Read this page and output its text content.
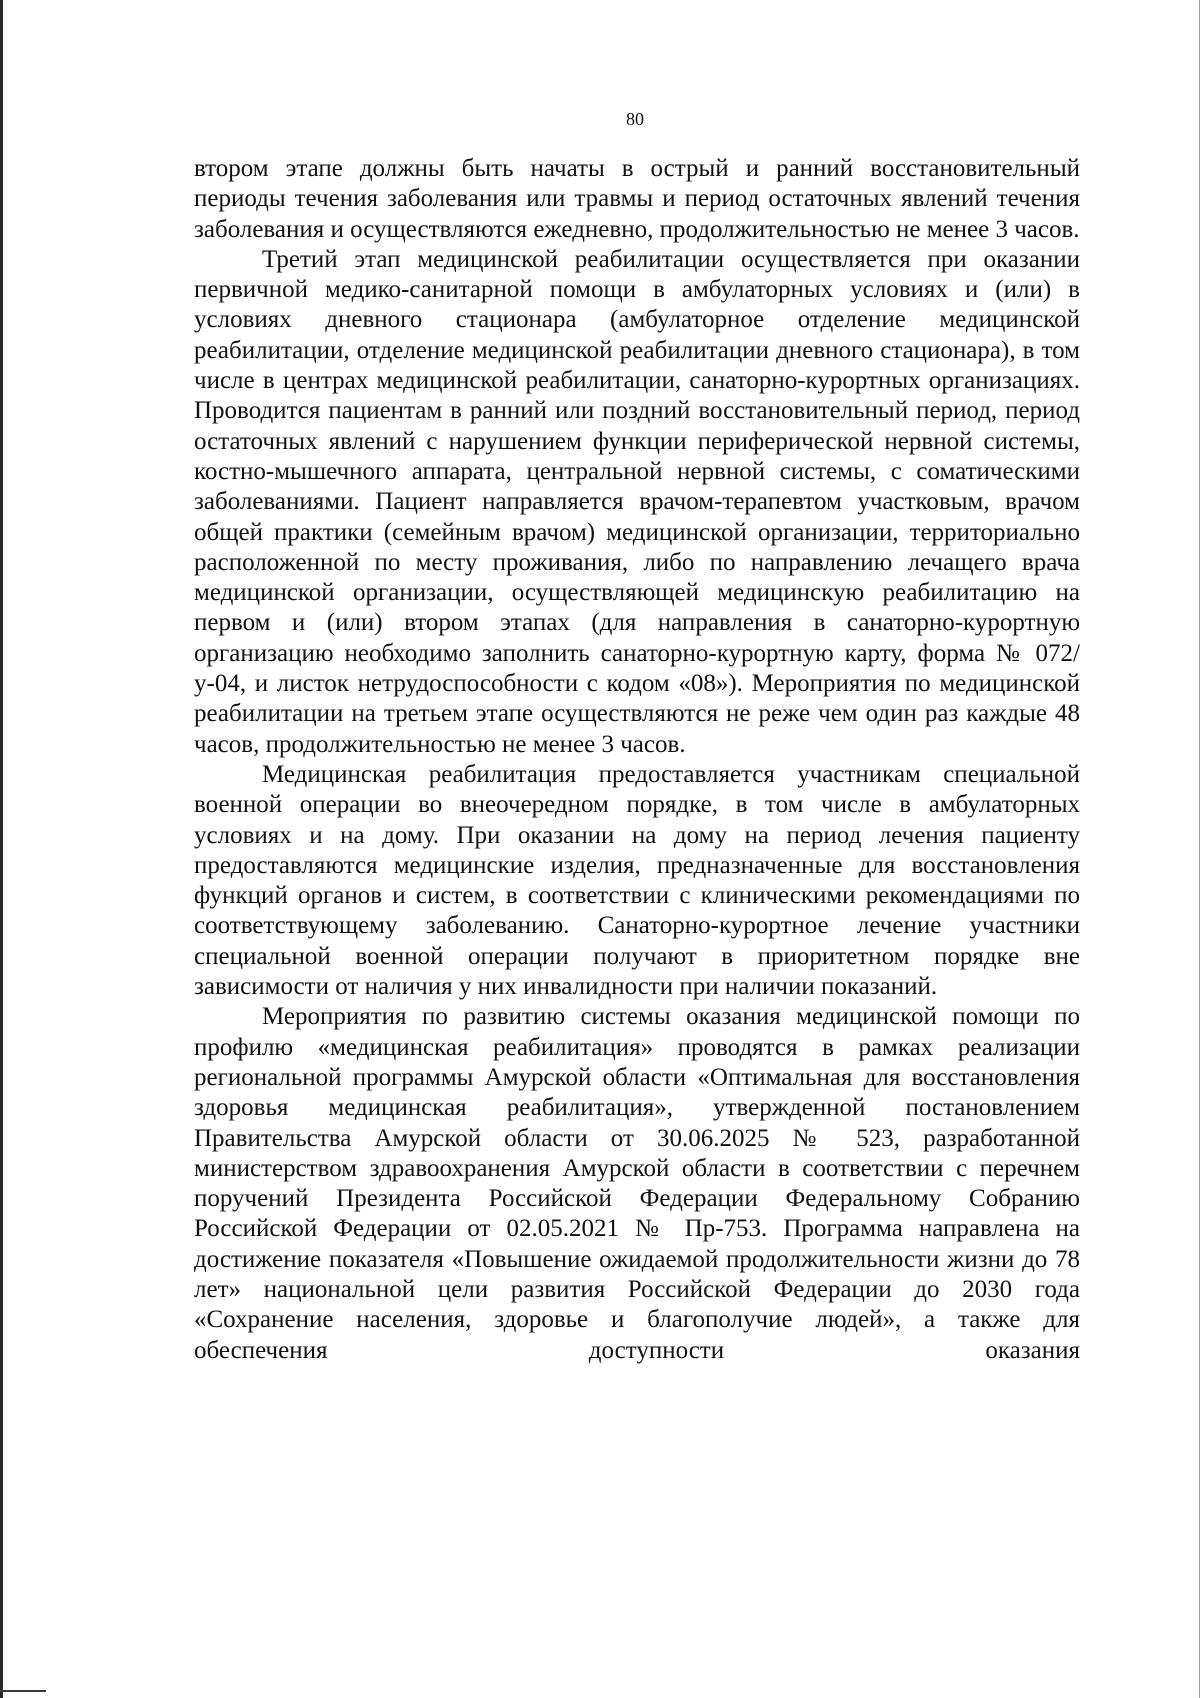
80

втором этапе должны быть начаты в острый и ранний восстановительный периоды течения заболевания или травмы и период остаточных явлений течения заболевания и осуществляются ежедневно, продолжительностью не менее 3 часов.

Третий этап медицинской реабилитации осуществляется при оказании первичной медико-санитарной помощи в амбулаторных условиях и (или) в условиях дневного стационара (амбулаторное отделение медицинской реабилитации, отделение медицинской реабилитации дневного стационара), в том числе в центрах медицинской реабилитации, санаторно-курортных организациях. Проводится пациентам в ранний или поздний восстановительный период, период остаточных явлений с нарушением функции периферической нервной системы, костно-мышечного аппарата, центральной нервной системы, с соматическими заболеваниями. Пациент направляется врачом-терапевтом участковым, врачом общей практики (семейным врачом) медицинской организации, территориально расположенной по месту проживания, либо по направлению лечащего врача медицинской организации, осуществляющей медицинскую реабилитацию на первом и (или) втором этапах (для направления в санаторно-курортную организацию необходимо заполнить санаторно-курортную карту, форма № 072/у-04, и листок нетрудоспособности с кодом «08»). Мероприятия по медицинской реабилитации на третьем этапе осуществляются не реже чем один раз каждые 48 часов, продолжительностью не менее 3 часов.

Медицинская реабилитация предоставляется участникам специальной военной операции во внеочередном порядке, в том числе в амбулаторных условиях и на дому. При оказании на дому на период лечения пациенту предоставляются медицинские изделия, предназначенные для восстановления функций органов и систем, в соответствии с клиническими рекомендациями по соответствующему заболеванию. Санаторно-курортное лечение участники специальной военной операции получают в приоритетном порядке вне зависимости от наличия у них инвалидности при наличии показаний.

Мероприятия по развитию системы оказания медицинской помощи по профилю «медицинская реабилитация» проводятся в рамках реализации региональной программы Амурской области «Оптимальная для восстановления здоровья медицинская реабилитация», утвержденной постановлением Правительства Амурской области от 30.06.2025 № 523, разработанной министерством здравоохранения Амурской области в соответствии с перечнем поручений Президента Российской Федерации Федеральному Собранию Российской Федерации от 02.05.2021 № Пр-753. Программа направлена на достижение показателя «Повышение ожидаемой продолжительности жизни до 78 лет» национальной цели развития Российской Федерации до 2030 года «Сохранение населения, здоровье и благополучие людей», а также для обеспечения доступности оказания
